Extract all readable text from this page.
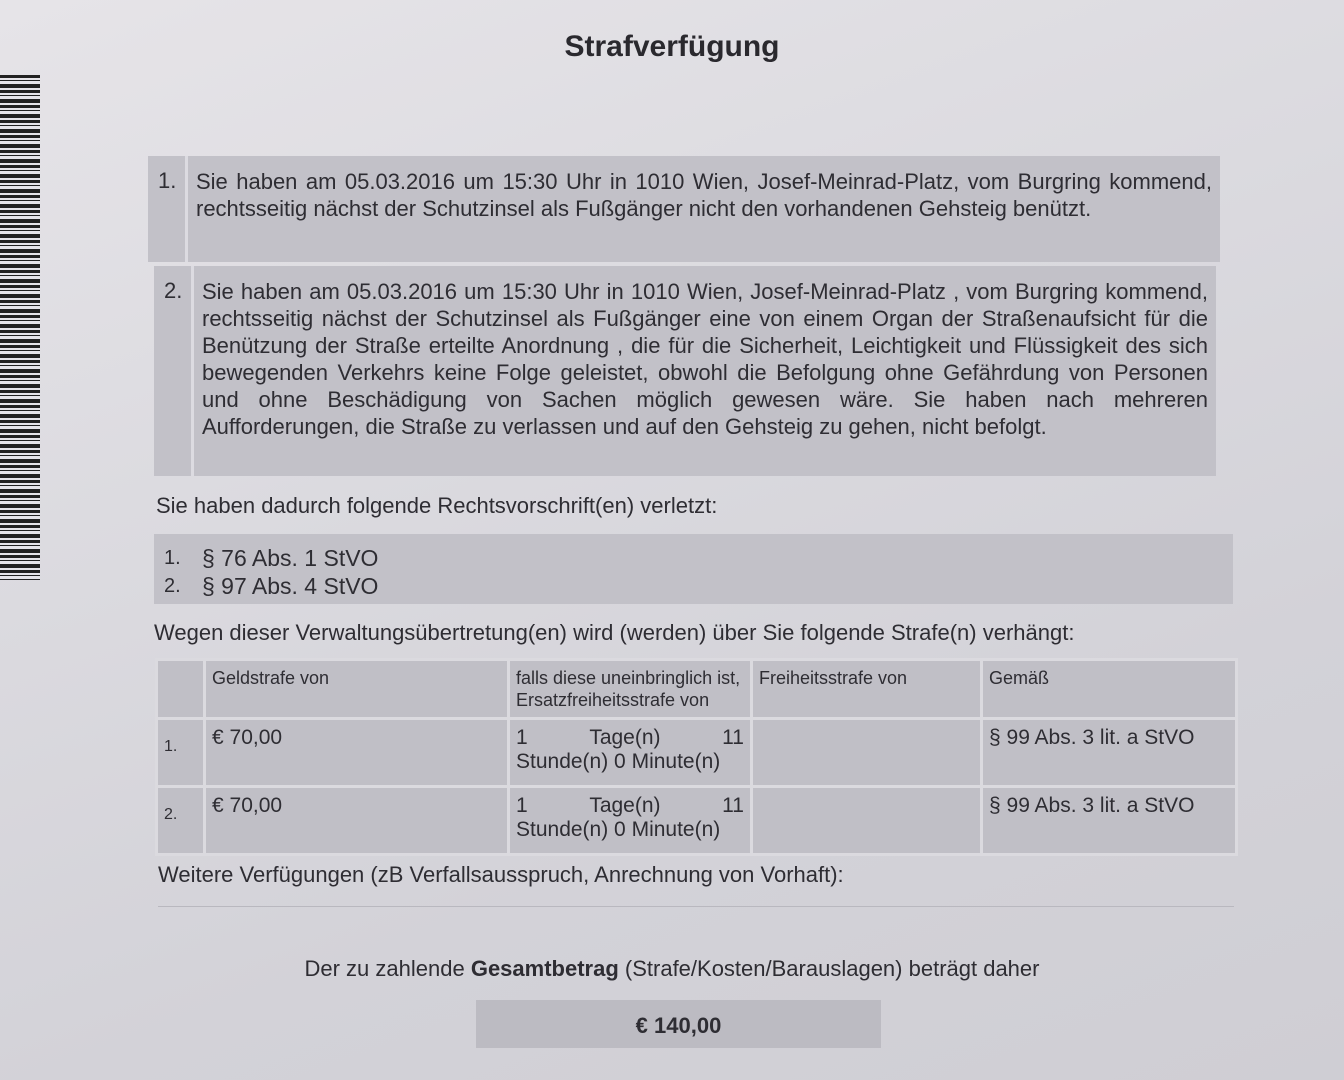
Strafverfügung
1. Sie haben am 05.03.2016 um 15:30 Uhr in 1010 Wien, Josef-Meinrad-Platz, vom Burgring kommend, rechtsseitig nächst der Schutzinsel als Fußgänger nicht den vorhandenen Gehsteig benützt.
2. Sie haben am 05.03.2016 um 15:30 Uhr in 1010 Wien, Josef-Meinrad-Platz , vom Burgring kommend, rechtsseitig nächst der Schutzinsel als Fußgänger eine von einem Organ der Straßenaufsicht für die Benützung der Straße erteilte Anordnung , die für die Sicherheit, Leichtigkeit und Flüssigkeit des sich bewegenden Verkehrs keine Folge geleistet, obwohl die Befolgung ohne Gefährdung von Personen und ohne Beschädigung von Sachen möglich gewesen wäre. Sie haben nach mehreren Aufforderungen, die Straße zu verlassen und auf den Gehsteig zu gehen, nicht befolgt.
Sie haben dadurch folgende Rechtsvorschrift(en) verletzt:
1. § 76 Abs. 1 StVO
2. § 97 Abs. 4 StVO
Wegen dieser Verwaltungsübertretung(en) wird (werden) über Sie folgende Strafe(n) verhängt:
	Geldstrafe von	falls diese uneinbringlich ist, Ersatzfreiheitsstrafe von	Freiheitsstrafe von	Gemäß
1.	€ 70,00	1 Tage(n) 11
Stunde(n) 0 Minute(n)		§ 99 Abs. 3 lit. a StVO
2.	€ 70,00	1 Tage(n) 11
Stunde(n) 0 Minute(n)		§ 99 Abs. 3 lit. a StVO
Weitere Verfügungen (zB Verfallsausspruch, Anrechnung von Vorhaft):
Der zu zahlende Gesamtbetrag (Strafe/Kosten/Barauslagen) beträgt daher
€ 140,00
